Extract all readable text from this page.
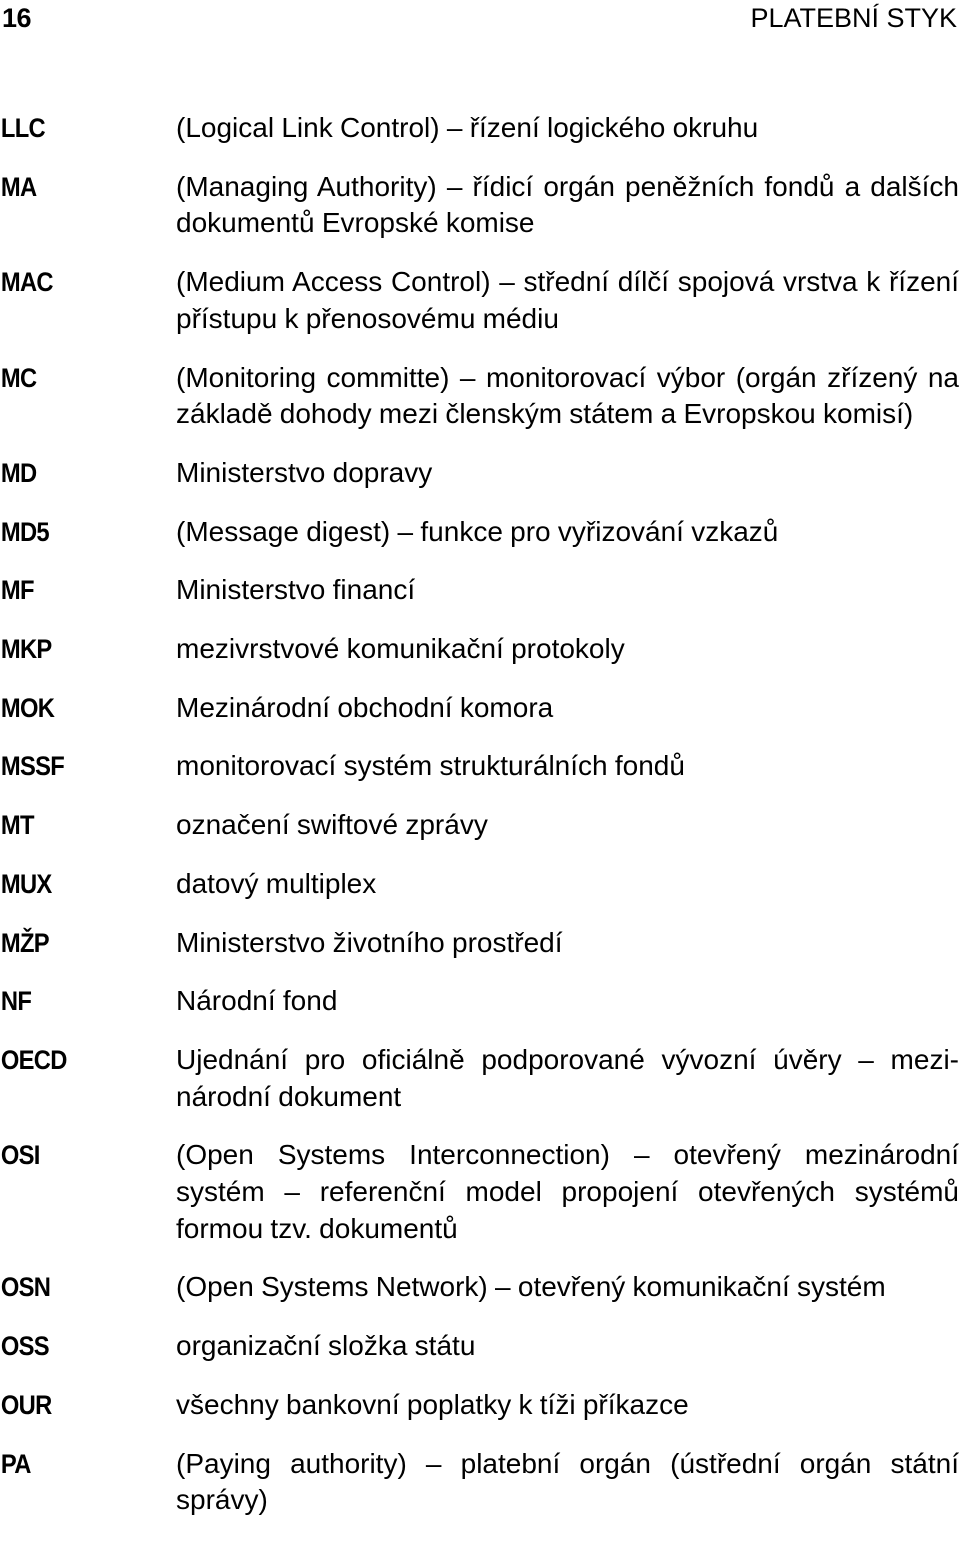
16	PLATEBNÍ STYK
LLC	(Logical Link Control) – řízení logického okruhu
MA	(Managing Authority) – řídicí orgán peněžních fondů a dalších dokumentů Evropské komise
MAC	(Medium Access Control) – střední dílčí spojová vrstva k řízení přístupu k přenosovému médiu
MC	(Monitoring committe) – monitorovací výbor (orgán zřízený na základě dohody mezi členským státem a Evropskou komisí)
MD	Ministerstvo dopravy
MD5	(Message digest) – funkce pro vyřizování vzkazů
MF	Ministerstvo financí
MKP	mezivrstvové komunikační protokoly
MOK	Mezinárodní obchodní komora
MSSF	monitorovací systém strukturálních fondů
MT	označení swiftové zprávy
MUX	datový multiplex
MŽP	Ministerstvo životního prostředí
NF	Národní fond
OECD	Ujednání pro oficiálně podporované vývozní úvěry – mezinárodní dokument
OSI	(Open Systems Interconnection) – otevřený mezinárodní systém – referenční model propojení otevřených systémů formou tzv. dokumentů
OSN	(Open Systems Network) – otevřený komunikační systém
OSS	organizační složka státu
OUR	všechny bankovní poplatky k tíži příkazce
PA	(Paying authority) – platební orgán (ústřední orgán státní správy)
